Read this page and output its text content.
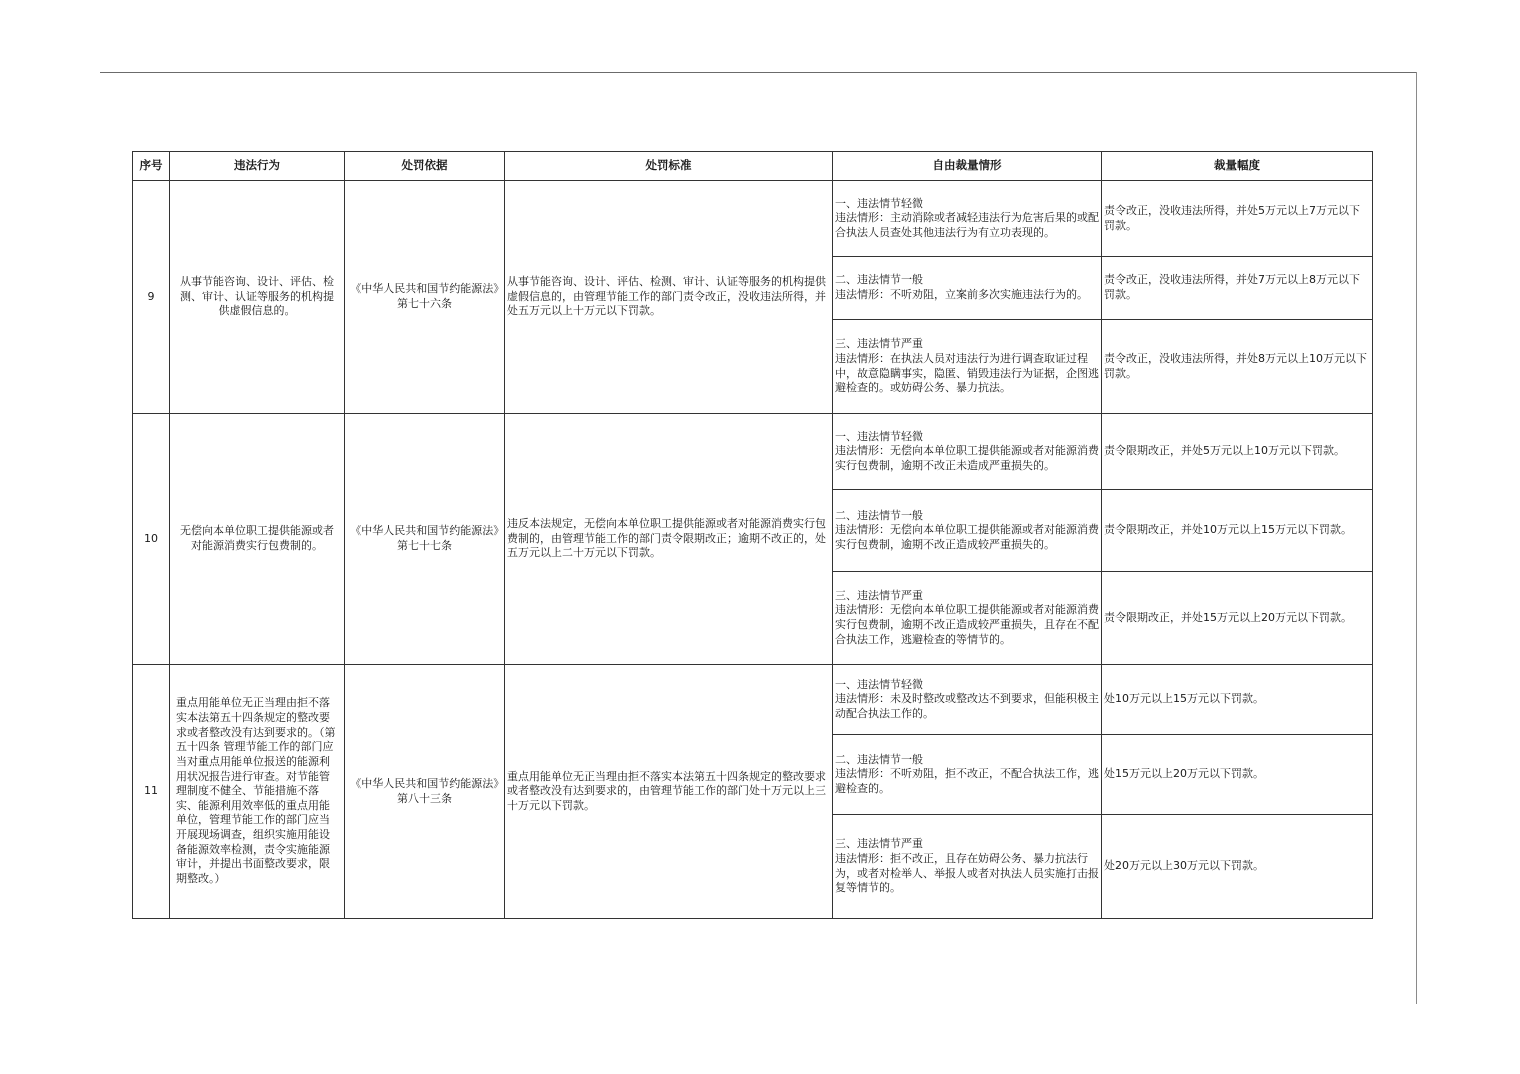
序号	违法行为	处罚依据	处罚标准	自由裁量情形	裁量幅度
9	从事节能咨询、设计、评估、检测、审计、认证等服务的机构提供虚假信息的。	《中华人民共和国节约能源法》第七十六条	从事节能咨询、设计、评估、检测、审计、认证等服务的机构提供虚假信息的，由管理节能工作的部门责令改正，没收违法所得，并处五万元以上十万元以下罚款。	一、违法情节轻微
违法情形：主动消除或者减轻违法行为危害后果的或配合执法人员查处其他违法行为有立功表现的。	责令改正，没收违法所得，并处5万元以上7万元以下罚款。

				二、违法情节一般
违法情形：不听劝阻，立案前多次实施违法行为的。	责令改正，没收违法所得，并处7万元以上8万元以下罚款。

				三、违法情节严重
违法情形：在执法人员对违法行为进行调查取证过程中，故意隐瞒事实，隐匿、销毁违法行为证据，企图逃避检查的。或妨碍公务、暴力抗法。	责令改正，没收违法所得，并处8万元以上10万元以下罚款。
10	无偿向本单位职工提供能源或者对能源消费实行包费制的。	《中华人民共和国节约能源法》第七十七条	违反本法规定，无偿向本单位职工提供能源或者对能源消费实行包费制的，由管理节能工作的部门责令限期改正；逾期不改正的，处五万元以上二十万元以下罚款。	一、违法情节轻微
违法情形：无偿向本单位职工提供能源或者对能源消费实行包费制，逾期不改正未造成严重损失的。	责令限期改正，并处5万元以上10万元以下罚款。

				二、违法情节一般
违法情形：无偿向本单位职工提供能源或者对能源消费实行包费制，逾期不改正造成较严重损失的。	责令限期改正，并处10万元以上15万元以下罚款。

				三、违法情节严重
违法情形：无偿向本单位职工提供能源或者对能源消费实行包费制，逾期不改正造成较严重损失，且存在不配合执法工作，逃避检查的等情节的。	责令限期改正，并处15万元以上20万元以下罚款。
11	重点用能单位无正当理由拒不落实本法第五十四条规定的整改要求或者整改没有达到要求的。（第五十四条 管理节能工作的部门应当对重点用能单位报送的能源利用状况报告进行审查。对节能管理制度不健全、节能措施不落实、能源利用效率低的重点用能单位，管理节能工作的部门应当开展现场调查，组织实施用能设备能源效率检测，责令实施能源审计，并提出书面整改要求，限期整改。）	《中华人民共和国节约能源法》第八十三条	重点用能单位无正当理由拒不落实本法第五十四条规定的整改要求或者整改没有达到要求的，由管理节能工作的部门处十万元以上三十万元以下罚款。	一、违法情节轻微
违法情形：未及时整改或整改达不到要求，但能积极主动配合执法工作的。	处10万元以上15万元以下罚款。

				二、违法情节一般
违法情形：不听劝阻，拒不改正，不配合执法工作，逃避检查的。	处15万元以上20万元以下罚款。

				三、违法情节严重
违法情形：拒不改正，且存在妨碍公务、暴力抗法行为，或者对检举人、举报人或者对执法人员实施打击报复等情节的。	处20万元以上30万元以下罚款。
